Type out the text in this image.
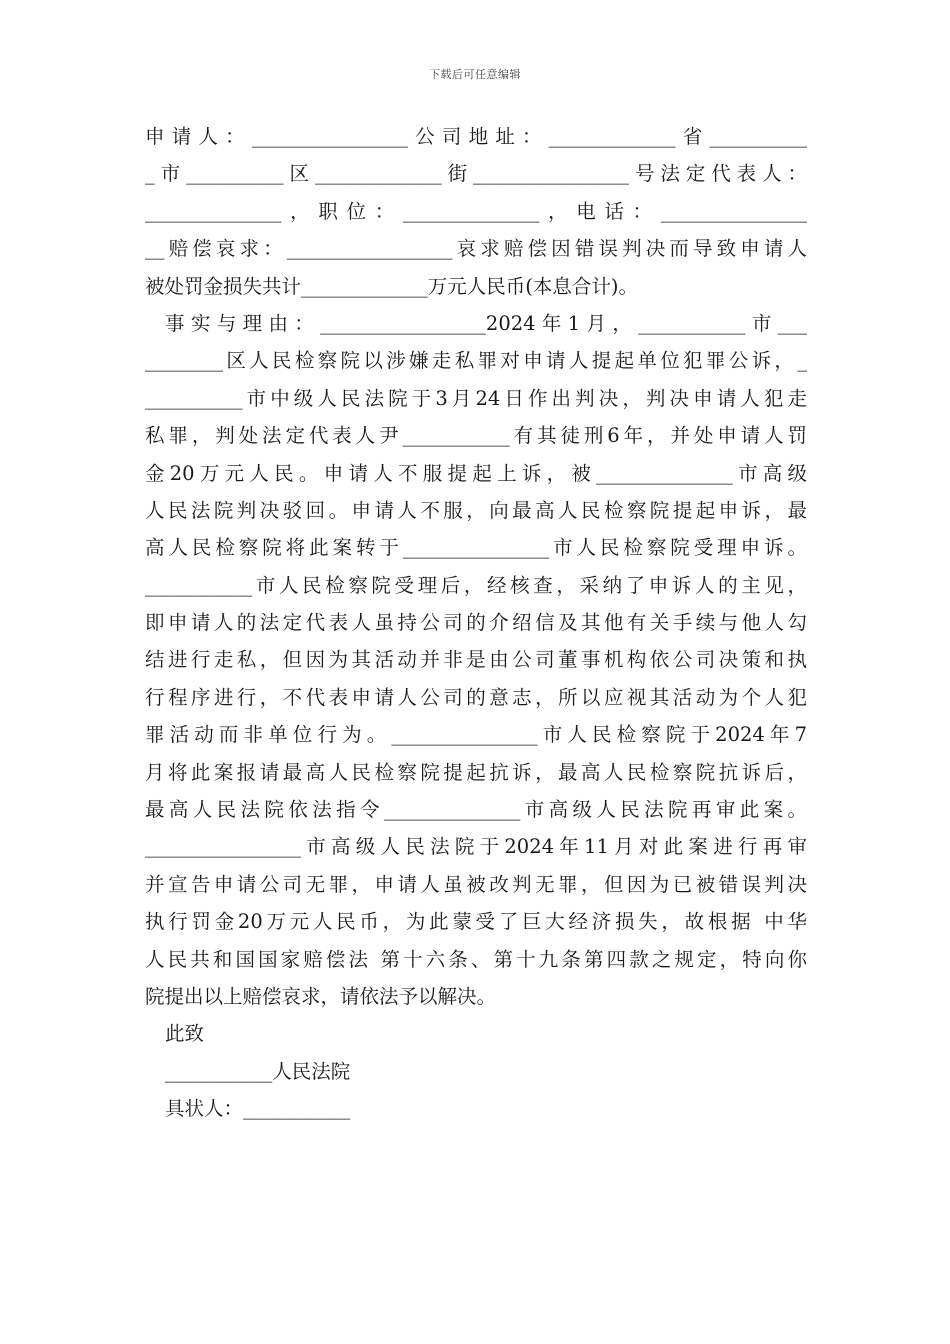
下载后可任意编辑
申请人：________________公司地址：_____________省__________
_市__________区_____________街________________号法定代表人：
______________，职位：______________，电话：_______________
__赔偿哀求：_________________哀求赔偿因错误判决而导致申请人
被处罚金损失共计_____________万元人民币(本息合计)。
事实与理由：_________________2024年1月，___________市___
________区人民检察院以涉嫌走私罪对申请人提起单位犯罪公诉，_
__________市中级人民法院于3月24日作出判决，判决申请人犯走
私罪，判处法定代表人尹___________有其徒刑6年，并处申请人罚
金20万元人民。申请人不服提起上诉，被______________市高级
人民法院判决驳回。申请人不服，向最高人民检察院提起申诉，最
高人民检察院将此案转于_______________市人民检察院受理申诉。
___________市人民检察院受理后，经核查，采纳了申诉人的主见，
即申请人的法定代表人虽持公司的介绍信及其他有关手续与他人勾
结进行走私，但因为其活动并非是由公司董事机构依公司决策和执
行程序进行，不代表申请人公司的意志，所以应视其活动为个人犯
罪活动而非单位行为。_______________市人民检察院于2024年7
月将此案报请最高人民检察院提起抗诉，最高人民检察院抗诉后，
最高人民法院依法指令______________市高级人民法院再审此案。
________________市高级人民法院于2024年11月对此案进行再审
并宣告申请公司无罪，申请人虽被改判无罪，但因为已被错误判决
执行罚金20万元人民币，为此蒙受了巨大经济损失，故根据 中华
人民共和国国家赔偿法 第十六条、第十九条第四款之规定，特向你
院提出以上赔偿哀求，请依法予以解决。
此致
___________人民法院
具状人：___________
